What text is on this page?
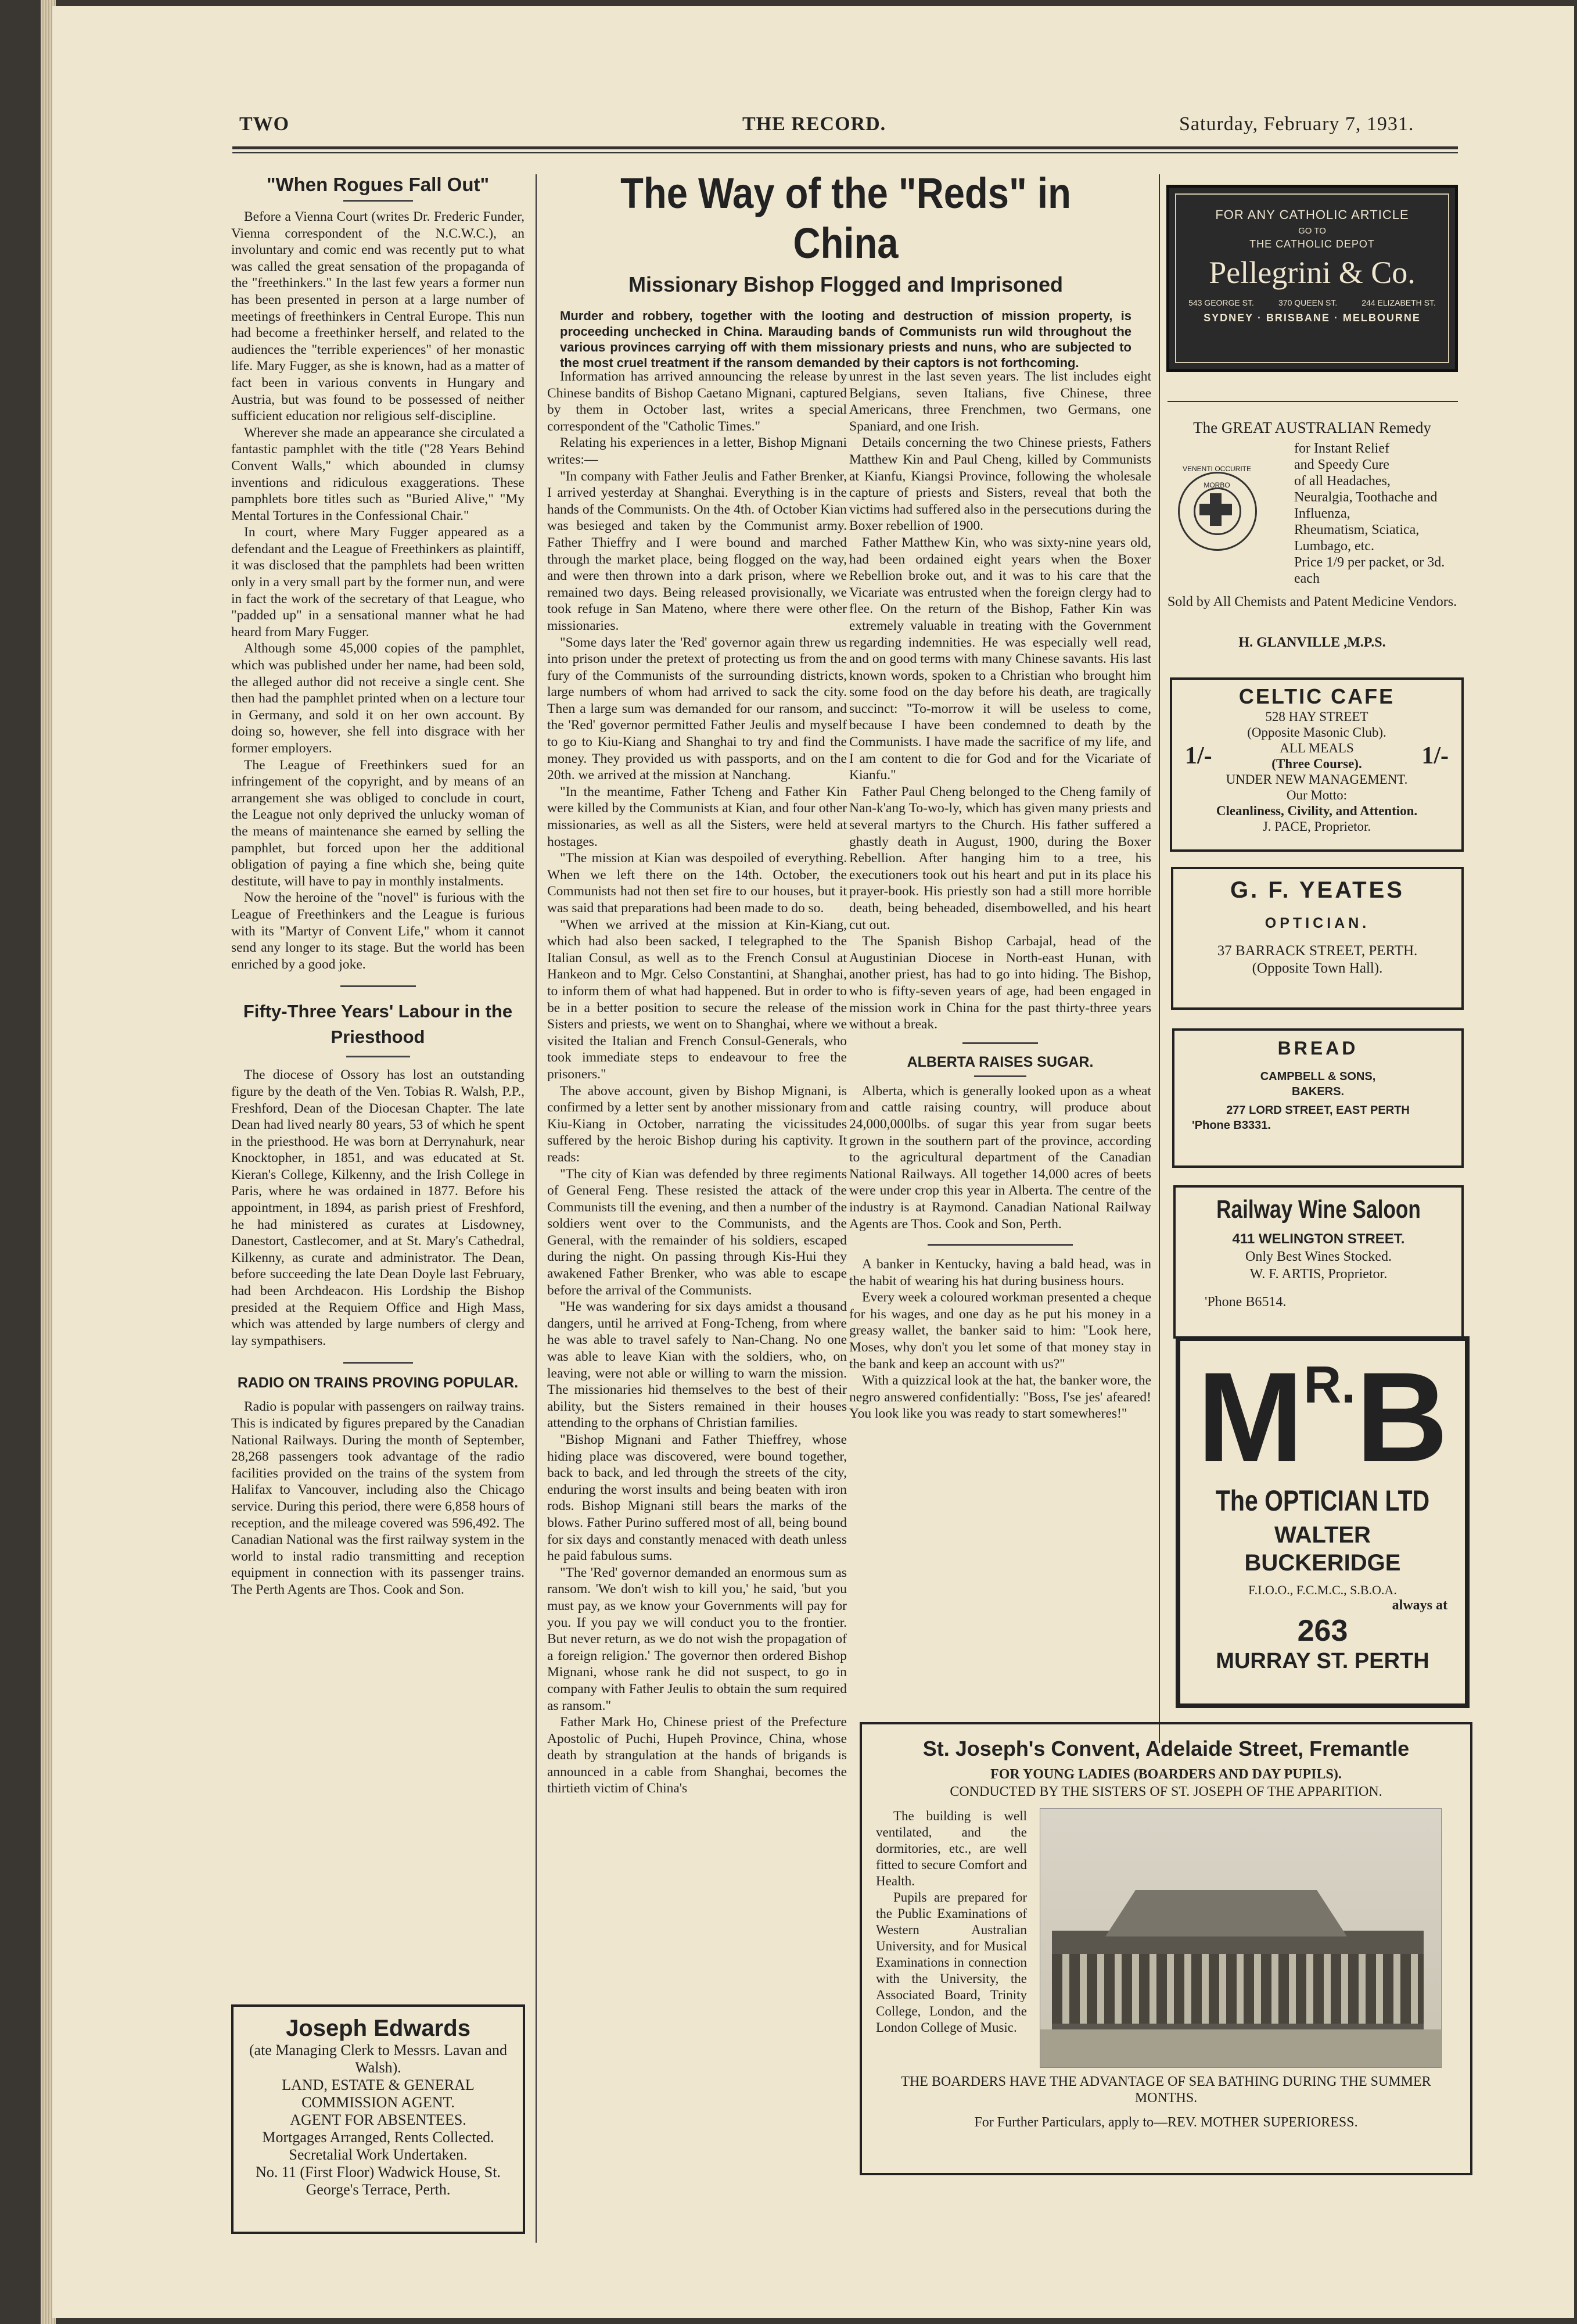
TWO	THE RECORD.	Saturday, February 7, 1931.
"When Rogues Fall Out"

Before a Vienna Court (writes Dr. Frederic Funder, Vienna correspondent of the N.C.W.C.), an involuntary and comic end was recently put to what was called the great sensation of the propaganda of the "freethinkers." In the last few years a former nun has been presented in person at a large number of meetings of freethinkers in Central Europe. This nun had become a freethinker herself, and related to the audiences the "terrible experiences" of her monastic life. Mary Fugger, as she is known, had as a matter of fact been in various convents in Hungary and Austria, but was found to be possessed of neither sufficient education nor religious self-discipline.

Wherever she made an appearance she circulated a fantastic pamphlet with the title ("28 Years Behind Convent Walls," which abounded in clumsy inventions and ridiculous exaggerations. These pamphlets bore titles such as "Buried Alive," "My Mental Tortures in the Confessional Chair."

In court, where Mary Fugger appeared as a defendant and the League of Freethinkers as plaintiff, it was disclosed that the pamphlets had been written only in a very small part by the former nun, and were in fact the work of the secretary of that League, who "padded up" in a sensational manner what he had heard from Mary Fugger.

Although some 45,000 copies of the pamphlet, which was published under her name, had been sold, the alleged author did not receive a single cent. She then had the pamphlet printed when on a lecture tour in Germany, and sold it on her own account. By doing so, however, she fell into disgrace with her former employers.

The League of Freethinkers sued for an infringement of the copyright, and by means of an arrangement she was obliged to conclude in court, the League not only deprived the unlucky woman of the means of maintenance she earned by selling the pamphlet, but forced upon her the additional obligation of paying a fine which she, being quite destitute, will have to pay in monthly instalments.

Now the heroine of the "novel" is furious with the League of Freethinkers and the League is furious with its "Martyr of Convent Life," whom it cannot send any longer to its stage. But the world has been enriched by a good joke.

Fifty-Three Years' Labour in the Priesthood

The diocese of Ossory has lost an outstanding figure by the death of the Ven. Tobias R. Walsh, P.P., Freshford, Dean of the Diocesan Chapter. The late Dean had lived nearly 80 years, 53 of which he spent in the priesthood. He was born at Derrynahurk, near Knocktopher, in 1851, and was educated at St. Kieran's College, Kilkenny, and the Irish College in Paris, where he was ordained in 1877. Before his appointment, in 1894, as parish priest of Freshford, he had ministered as curates at Lisdowney, Danestort, Castlecomer, and at St. Mary's Cathedral, Kilkenny, as curate and administrator. The Dean, before succeeding the late Dean Doyle last February, had been Archdeacon. His Lordship the Bishop presided at the Requiem Office and High Mass, which was attended by large numbers of clergy and lay sympathisers.

RADIO ON TRAINS PROVING POPULAR.

Radio is popular with passengers on railway trains. This is indicated by figures prepared by the Canadian National Railways. During the month of September, 28,268 passengers took advantage of the radio facilities provided on the trains of the system from Halifax to Vancouver, including also the Chicago service. During this period, there were 6,858 hours of reception, and the mileage covered was 596,492. The Canadian National was the first railway system in the world to instal radio transmitting and reception equipment in connection with its passenger trains. The Perth Agents are Thos. Cook and Son.

Joseph Edwards
(ate Managing Clerk to Messrs. Lavan and Walsh).
LAND, ESTATE & GENERAL COMMISSION AGENT.
AGENT FOR ABSENTEES.
Mortgages Arranged, Rents Collected. Secretalial Work Undertaken.
No. 11 (First Floor) Wadwick House, St. George's Terrace, Perth.
The Way of the "Reds" in China
Missionary Bishop Flogged and Imprisoned
Murder and robbery, together with the looting and destruction of mission property, is proceeding unchecked in China. Marauding bands of Communists run wild throughout the various provinces carrying off with them missionary priests and nuns, who are subjected to the most cruel treatment if the ransom demanded by their captors is not forthcoming.

Information has arrived announcing the release by Chinese bandits of Bishop Caetano Mignani, captured by them in October last, writes a special correspondent of the "Catholic Times."

Relating his experiences in a letter, Bishop Mignani writes:—

"In company with Father Jeulis and Father Brenker, I arrived yesterday at Shanghai. Everything is in the hands of the Communists. On the 4th. of October Kian was besieged and taken by the Communist army. Father Thieffry and I were bound and marched through the market place, being flogged on the way, and were then thrown into a dark prison, where we remained two days. Being released provisionally, we took refuge in San Mateno, where there were other missionaries.

"Some days later the 'Red' governor again threw us into prison under the pretext of protecting us from the fury of the Communists of the surrounding districts, large numbers of whom had arrived to sack the city. Then a large sum was demanded for our ransom, and the 'Red' governor permitted Father Jeulis and myself to go to Kiu-Kiang and Shanghai to try and find the money. They provided us with passports, and on the 20th. we arrived at the mission at Nanchang.

"In the meantime, Father Tcheng and Father Kin were killed by the Communists at Kian, and four other missionaries, as well as all the Sisters, were held at hostages.

"The mission at Kian was despoiled of everything. When we left there on the 14th. October, the Communists had not then set fire to our houses, but it was said that preparations had been made to do so.

"When we arrived at the mission at Kin-Kiang, which had also been sacked, I telegraphed to the Italian Consul, as well as to the French Consul at Hankeon and to Mgr. Celso Constantini, at Shanghai, to inform them of what had happened. But in order to be in a better position to secure the release of the Sisters and priests, we went on to Shanghai, where we visited the Italian and French Consul-Generals, who took immediate steps to endeavour to free the prisoners."

The above account, given by Bishop Mignani, is confirmed by a letter sent by another missionary from Kiu-Kiang in October, narrating the vicissitudes suffered by the heroic Bishop during his captivity. It reads:

"The city of Kian was defended by three regiments of General Feng. These resisted the attack of the Communists till the evening, and then a number of the soldiers went over to the Communists, and the General, with the remainder of his soldiers, escaped during the night. On passing through Kis-Hui they awakened Father Brenker, who was able to escape before the arrival of the Communists.

"He was wandering for six days amidst a thousand dangers, until he arrived at Fong-Tcheng, from where he was able to travel safely to Nan-Chang. No one was able to leave Kian with the soldiers, who, on leaving, were not able or willing to warn the mission. The missionaries hid themselves to the best of their ability, but the Sisters remained in their houses attending to the orphans of Christian families.

"Bishop Mignani and Father Thieffrey, whose hiding place was discovered, were bound together, back to back, and led through the streets of the city, enduring the worst insults and being beaten with iron rods. Bishop Mignani still bears the marks of the blows. Father Purino suffered most of all, being bound for six days and constantly menaced with death unless he paid fabulous sums.

"The 'Red' governor demanded an enormous sum as ransom. 'We don't wish to kill you,' he said, 'but you must pay, as we know your Governments will pay for you. If you pay we will conduct you to the frontier. But never return, as we do not wish the propagation of a foreign religion.' The governor then ordered Bishop Mignani, whose rank he did not suspect, to go in company with Father Jeulis to obtain the sum required as ransom."

Father Mark Ho, Chinese priest of the Prefecture Apostolic of Puchi, Hupeh Province, China, whose death by strangulation at the hands of brigands is announced in a cable from Shanghai, becomes the thirtieth victim of China's

unrest in the last seven years. The list includes eight Belgians, seven Italians, five Chinese, three Americans, three Frenchmen, two Germans, one Spaniard, and one Irish.

Details concerning the two Chinese priests, Fathers Matthew Kin and Paul Cheng, killed by Communists at Kianfu, Kiangsi Province, following the wholesale capture of priests and Sisters, reveal that both the victims had suffered also in the persecutions during the Boxer rebellion of 1900.

Father Matthew Kin, who was sixty-nine years old, had been ordained eight years when the Boxer Rebellion broke out, and it was to his care that the Vicariate was entrusted when the foreign clergy had to flee. On the return of the Bishop, Father Kin was extremely valuable in treating with the Government regarding indemnities. He was especially well read, and on good terms with many Chinese savants. His last known words, spoken to a Christian who brought him some food on the day before his death, are tragically succinct: "To-morrow it will be useless to come, because I have been condemned to death by the Communists. I have made the sacrifice of my life, and I am content to die for God and for the Vicariate of Kianfu."

Father Paul Cheng belonged to the Cheng family of Nan-k'ang To-wo-ly, which has given many priests and several martyrs to the Church. His father suffered a ghastly death in August, 1900, during the Boxer Rebellion. After hanging him to a tree, his executioners took out his heart and put in its place his prayer-book. His priestly son had a still more horrible death, being beheaded, disembowelled, and his heart cut out.

The Spanish Bishop Carbajal, head of the Augustinian Diocese in North-east Hunan, with another priest, has had to go into hiding. The Bishop, who is fifty-seven years of age, had been engaged in mission work in China for the past thirty-three years without a break.

ALBERTA RAISES SUGAR.

Alberta, which is generally looked upon as a wheat and cattle raising country, will produce about 24,000,000lbs. of sugar this year from sugar beets grown in the southern part of the province, according to the agricultural department of the Canadian National Railways. All together 14,000 acres of beets were under crop this year in Alberta. The centre of the industry is at Raymond. Canadian National Railway Agents are Thos. Cook and Son, Perth.

A banker in Kentucky, having a bald head, was in the habit of wearing his hat during business hours.

Every week a coloured workman presented a cheque for his wages, and one day as he put his money in a greasy wallet, the banker said to him: "Look here, Moses, why don't you let some of that money stay in the bank and keep an account with us?"

With a quizzical look at the hat, the banker wore, the negro answered confidentially: "Boss, I'se jes' afeared! You look like you was ready to start somewheres!"

FOR ANY CATHOLIC ARTICLE
GO TO
THE CATHOLIC DEPOT
Pellegrini & Co.
543 GEORGE ST.	370 QUEEN ST.	244 ELIZABETH ST.
SYDNEY · BRISBANE · MELBOURNE
The GREAT AUSTRALIAN Remedy
VENENTI OCCURITE MORBO
for Instant Relief
and Speedy Cure
of all Headaches,
Neuralgia, Toothache and Influenza,
Rheumatism, Sciatica, Lumbago, etc.
Price 1/9 per packet, or 3d. each
Sold by All Chemists and Patent Medicine Vendors.
H. GLANVILLE ,M.P.S.
CELTIC CAFE
528 HAY STREET
(Opposite Masonic Club).
1/-	ALL MEALS
(Three Course). 1/-
UNDER NEW MANAGEMENT.
Our Motto:
Cleanliness, Civility, and Attention.
J. PACE, Proprietor.
G. F. YEATES
OPTICIAN.
37 BARRACK STREET, PERTH.
(Opposite Town Hall).
BREAD
CAMPBELL & SONS,
BAKERS.
277 LORD STREET, EAST PERTH
'Phone B3331.
Railway Wine Saloon
411 WELINGTON STREET.
Only Best Wines Stocked.
W. F. ARTIS, Proprietor.
'Phone B6514.
$M^{R.}B$
The OPTICIAN LTD
WALTER
BUCKERIDGE
F.I.O.O., F.C.M.C., S.B.O.A.
always at
263
MURRAY ST. PERTH
St. Joseph's Convent, Adelaide Street, Fremantle
FOR YOUNG LADIES (BOARDERS AND DAY PUPILS).
CONDUCTED BY THE SISTERS OF ST. JOSEPH OF THE APPARITION.

The building is well ventilated, and the dormitories, etc., are well fitted to secure Comfort and Health.

Pupils are prepared for the Public Examinations of Western Australian University, and for Musical Examinations in connection with the University, the Associated Board, Trinity College, London, and the London College of Music.

THE BOARDERS HAVE THE ADVANTAGE OF SEA BATHING DURING THE SUMMER MONTHS.
For Further Particulars, apply to—REV. MOTHER SUPERIORESS.
